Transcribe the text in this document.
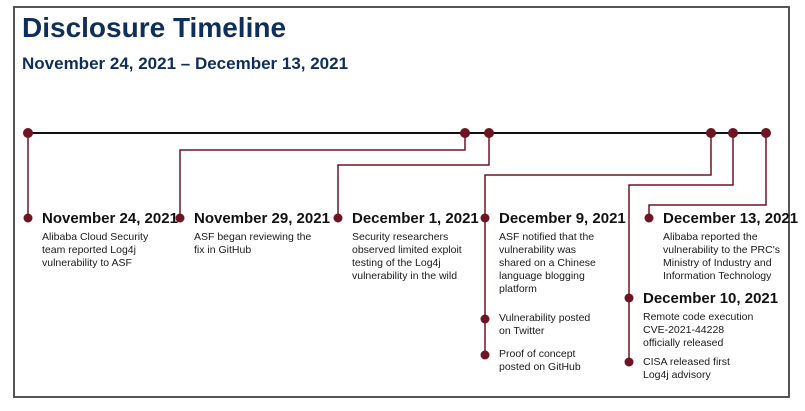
Disclosure Timeline
November 24, 2021 – December 13, 2021
November 24, 2021
Alibaba Cloud Security team reported Log4j vulnerability to ASF
November 29, 2021
ASF began reviewing the fix in GitHub
December 1, 2021
Security researchers observed limited exploit testing of the Log4j vulnerability in the wild
December 9, 2021
ASF notified that the vulnerability was shared on a Chinese language blogging platform
Vulnerability posted on Twitter
Proof of concept posted on GitHub
December 10, 2021
Remote code execution CVE-2021-44228 officially released
CISA released first Log4j advisory
December 13, 2021
Alibaba reported the vulnerability to the PRC's Ministry of Industry and Information Technology
